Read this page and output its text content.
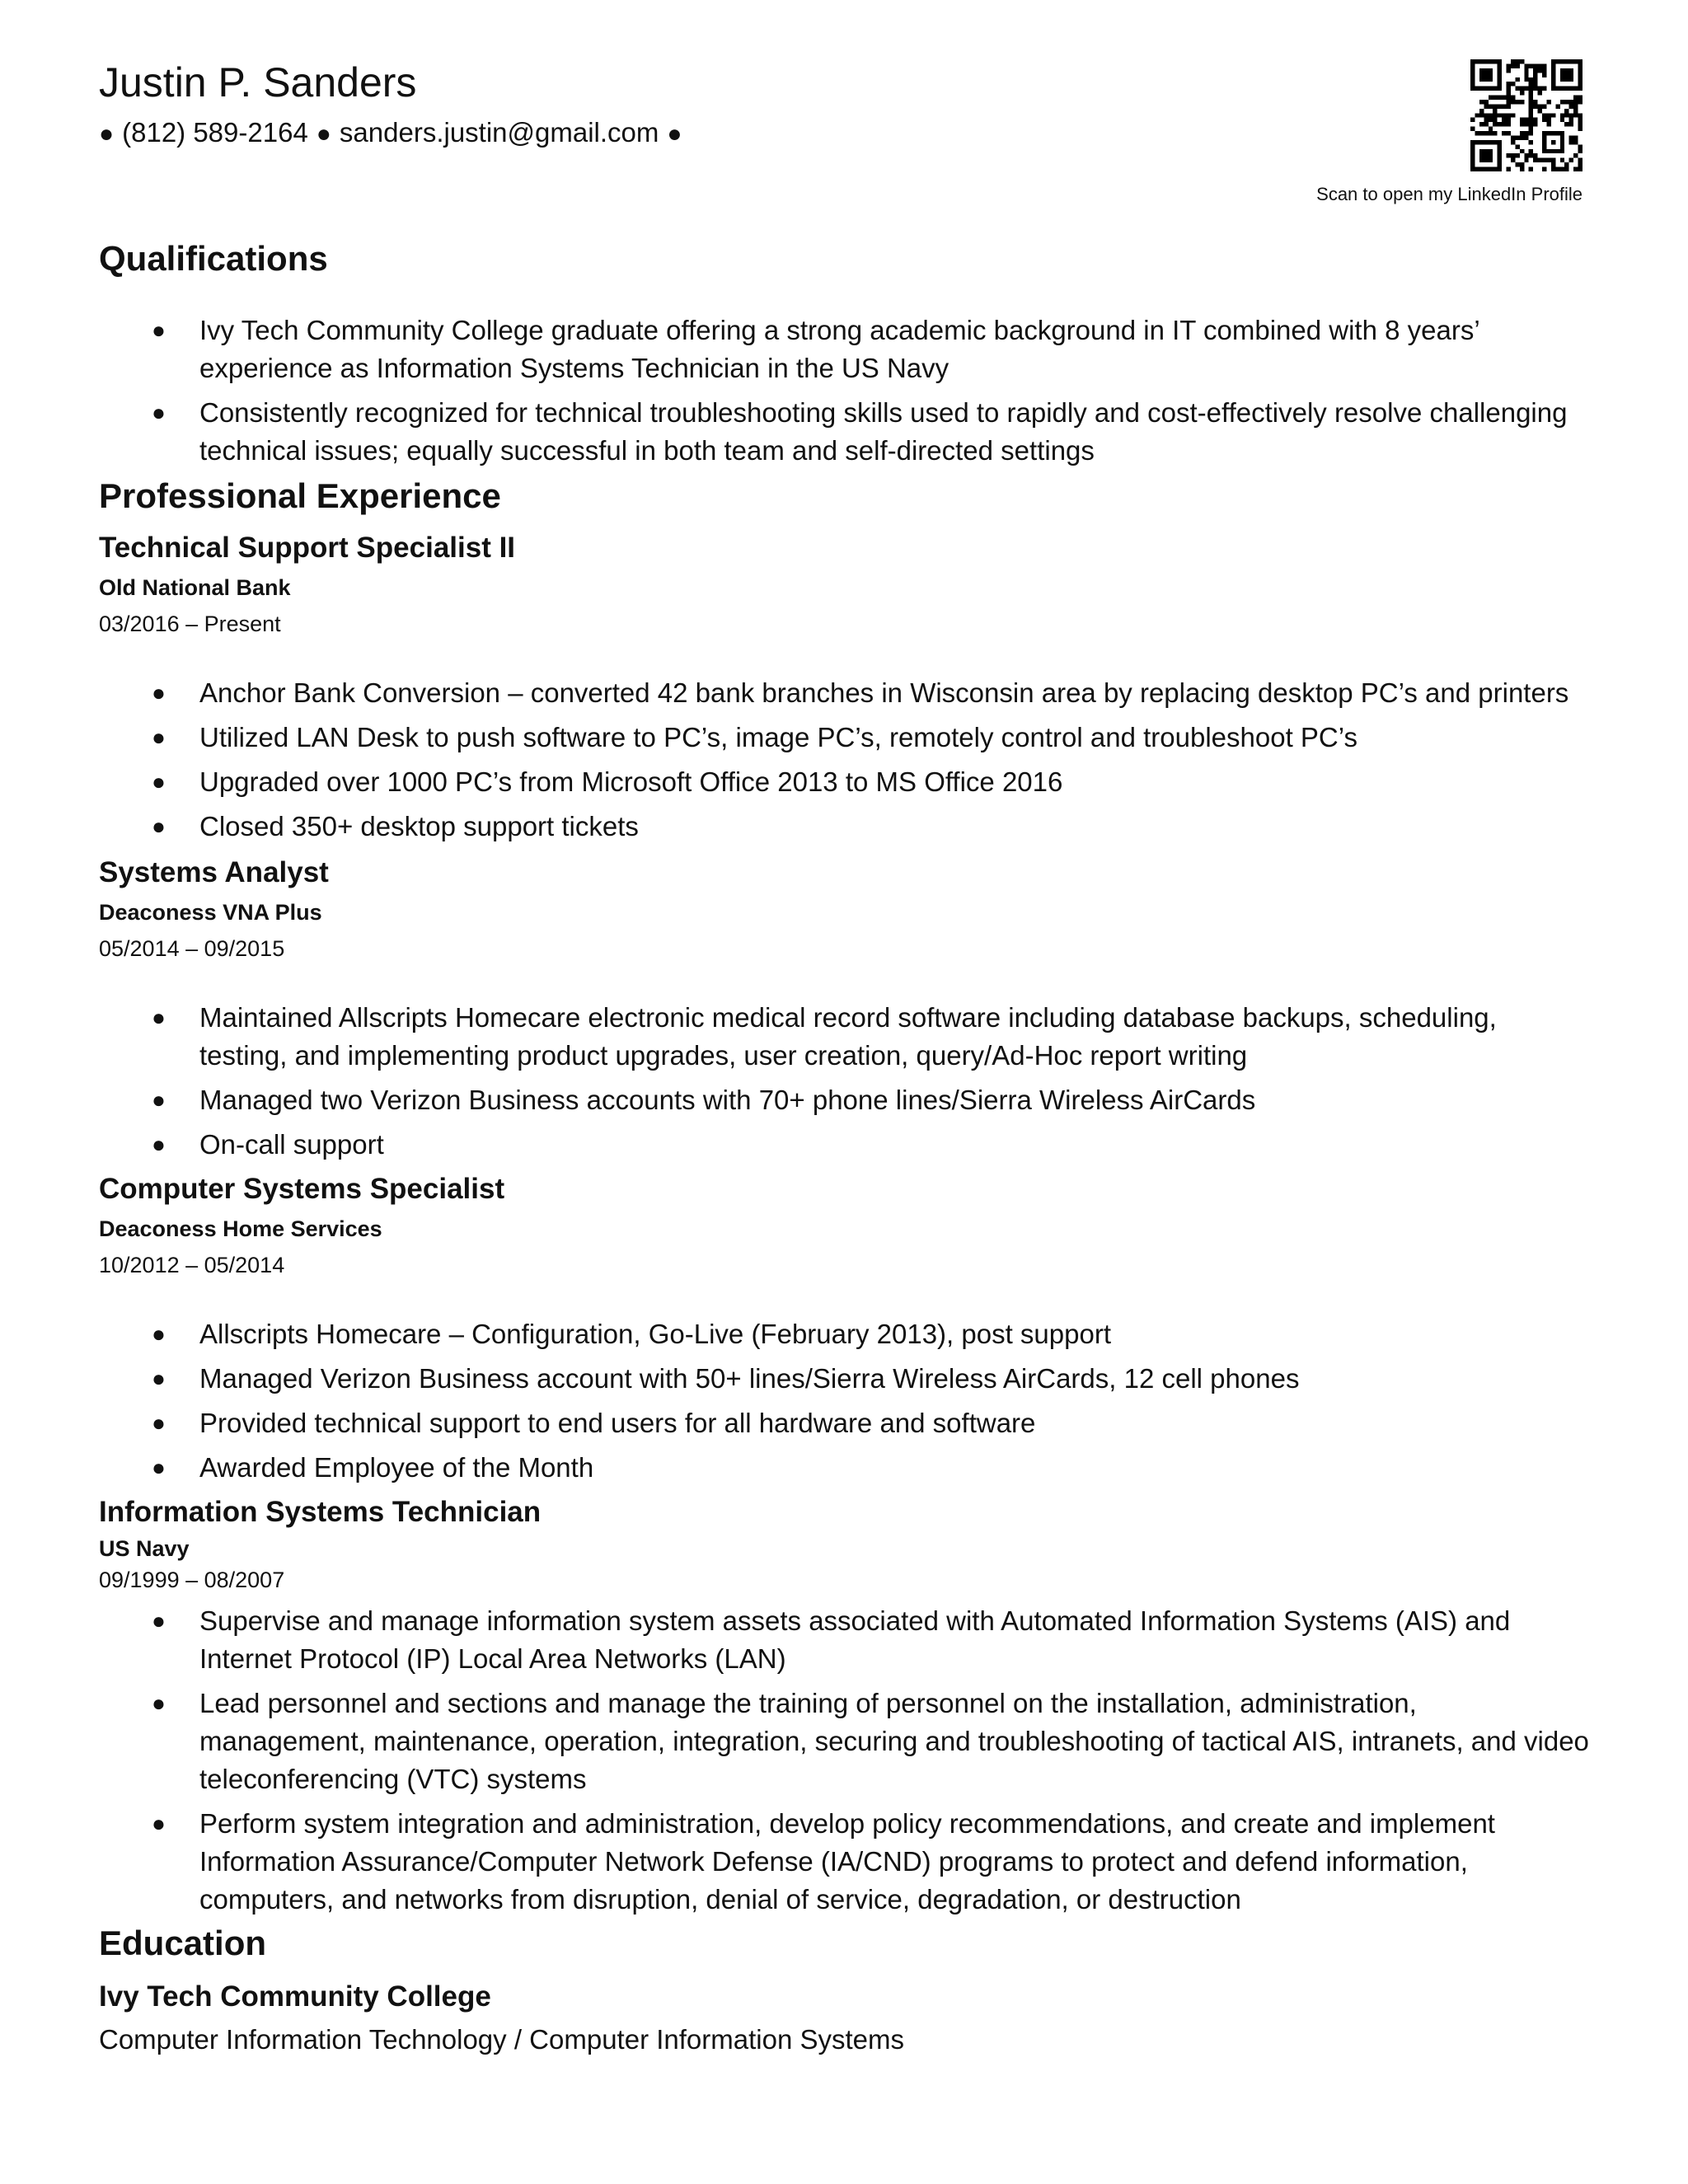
Justin P. Sanders
● (812) 589-2164 ● sanders.justin@gmail.com ●
Scan to open my LinkedIn Profile
Qualifications
● Ivy Tech Community College graduate offering a strong academic background in IT combined with 8 years’ experience as Information Systems Technician in the US Navy
● Consistently recognized for technical troubleshooting skills used to rapidly and cost-effectively resolve challenging technical issues; equally successful in both team and self-directed settings
Professional Experience
Technical Support Specialist II
Old National Bank
03/2016 – Present
● Anchor Bank Conversion – converted 42 bank branches in Wisconsin area by replacing desktop PC’s and printers
● Utilized LAN Desk to push software to PC’s, image PC’s, remotely control and troubleshoot PC’s
● Upgraded over 1000 PC’s from Microsoft Office 2013 to MS Office 2016
● Closed 350+ desktop support tickets
Systems Analyst
Deaconess VNA Plus
05/2014 – 09/2015
● Maintained Allscripts Homecare electronic medical record software including database backups, scheduling, testing, and implementing product upgrades, user creation, query/Ad-Hoc report writing
● Managed two Verizon Business accounts with 70+ phone lines/Sierra Wireless AirCards
● On-call support
Computer Systems Specialist
Deaconess Home Services
10/2012 – 05/2014
● Allscripts Homecare – Configuration, Go-Live (February 2013), post support
● Managed Verizon Business account with 50+ lines/Sierra Wireless AirCards, 12 cell phones
● Provided technical support to end users for all hardware and software
● Awarded Employee of the Month
Information Systems Technician
US Navy
09/1999 – 08/2007
● Supervise and manage information system assets associated with Automated Information Systems (AIS) and Internet Protocol (IP) Local Area Networks (LAN)
● Lead personnel and sections and manage the training of personnel on the installation, administration, management, maintenance, operation, integration, securing and troubleshooting of tactical AIS, intranets, and video teleconferencing (VTC) systems
● Perform system integration and administration, develop policy recommendations, and create and implement Information Assurance/Computer Network Defense (IA/CND) programs to protect and defend information, computers, and networks from disruption, denial of service, degradation, or destruction
Education
Ivy Tech Community College
Computer Information Technology / Computer Information Systems
